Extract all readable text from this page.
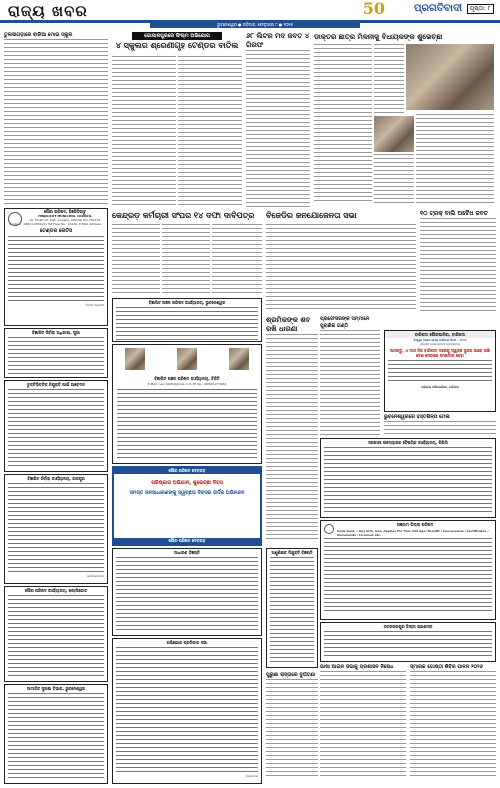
ରାଜ୍ୟ ଖବର	50	ପ୍ରଗତିବାଦୀ	ପୃଷ୍ଠା: ୮
ଭୁବନେଶ୍ୱର ● ରବିବାର, ଫେବୃଆରୀ ୮ ● ୨୦୨୬
ତୁଲସୀଗଡ଼ାରେ ବାରିଆ ମୋଇ ସ୍କୁଲ	ଗୋପାଳପୁରରେ ଫିଲ୍ମ ଅଭିଯୋଗ
୪ ସ୍କୁଲର ଶ୍ରେଣୀଗୃହ ଟେଣ୍ଡର ବାତିଲ
୬୮ ଲିଟର ମଦ ଜବତ ୪ ଗିରଫ
ଡାକ୍ତର ଛାତ୍ର ମିଳନୀକୁ ବିଧାୟକଙ୍କ ଶୁଭେଚ୍ଛା
ପୌର ପରିଷଦ, ହିଞ୍ଜିଳିକାଟୁ
HINJILICUT MUNICIPAL COUNCIL
At: Hinjilicut, Dist: Ganjam, Odisha, Pin-761102
Contact : 06811-255020, Toll Free No.: 14420, E-Mail Address :
ଟେଣ୍ଡର ନୋଟିସ
ନିର୍ବାହୀ ଅଧିକାରୀ
ବିଜ୍ଞାପିତ ନିର୍ବାହୀ ଅଧିକାରୀ, ପୁରୀ
କେନ୍ଦ୍ରଡ଼ କର୍ମଚାରୀ ସଂଘର ୧୪ ଦଫା ଦାବିପତ୍ର
ବିଜ୍ଞାପିତ ଅଞ୍ଚଳ ପରିଷଦ କାର୍ଯ୍ୟାଳୟ, ଭୁବନେଶ୍ୱର
ବିଜ୍ଞାପିତ ଅଞ୍ଚଳ ପରିଷଦ କାର୍ଯ୍ୟାଳୟ, ଚିକିଟି
E-Mail: nacchikiti@gmail.com Ph No.: 06822-273464
ପୌର ପରିଷଦ ଦେବଗଡ଼
ପରିଷ୍କାର ଅଭିଯାନ, ଶୁଭେଚ୍ଛା ଦିବସ
ସମସ୍ତ ଜନସାଧାରଣଙ୍କୁ ସ୍ୱଚ୍ଛତା ଦିବସର ହାର୍ଦ୍ଦିକ ଅଭିନନ୍ଦନ
ପୌର ପରିଷଦ ଦେବଗଡ଼
ଚୁକ୍ତିଭିତ୍ତିକ ନିଯୁକ୍ତି ପାଇଁ ଆବେଦନ
ବିଜ୍ଞାପିତ ନିର୍ବାହୀ କାର୍ଯ୍ୟାଳୟ, ଜାଜପୁର
ଉପଜିଲ୍ଲାପାଳ
ପୌର ପରିଷଦ କାର୍ଯ୍ୟାଳୟ, ଖଲ୍ଲିକୋଟ
ସାମାଜିକ ସୁରକ୍ଷା ବିଭାଗ, ଭୁବନେଶ୍ୱର
ସାଧାରଣ ବିଜ୍ଞପ୍ତି
ଅଭିଯୋଗ ପ୍ରତିକାର ସଭା
ଜିଲ୍ଲାପାଳ
ବିଜେଡିର ଜନଯୋଜେନତା ସଭା	୧୦ ଟ୍ରକ୍ ବାଲି ଅବୈଧ ଜବତ
ଶ୍ରମିକଙ୍କ ଶବ ରଖି ଧାରଣା
ପ୍ରଫେସରଙ୍କ ସମ୍ମାନେ ପୁରାଣିକ ଗଣ୍ଠି
ବାରିପଦା ପୌରପାଳିକା, ବାରିପଦା
ବିଶ୍ୱର ପାଳନ ସମୟ ବାରିପଦା ଦିବସ - ୨୦୨୬
ଓଡ଼ିଶାର ଦେଶପ୍ରେମୀ ପ୍ରତିଷ୍ଠାତା
ଆସନ୍ତୁ, ଏ ମାସ ନିଜ ବାରିପଦା ସହରକୁ ସ୍ୱଚ୍ଛ ସୁନ୍ଦର ଭାବେ ରଖି ଦେଶ ସେବାରେ ଅଂଶୀଦାର ହେବା
ବାରିପଦା ପୌରପାଳିକା, ବାରିପଦା
ସରକାରୀ ଉଦ୍ୟୋଗର ବୈଷୟିକ କାର୍ଯ୍ୟାଳୟ, ପିପିଲି
ଗଞ୍ଜାମ ଜିଲ୍ଲା ପରିଷଦ
Gods Govt. / Any Info, Gov. Applies For Your Old Age/ Benefit / Concessions / Certificates / Documents / Licenses etc.
ଅଣୁଶିକ୍ଷକ ନିଯୁକ୍ତି ବିଜ୍ଞପ୍ତି
ପୁରୁଣା ରାସ୍ତାରେ ଦୁର୍ଘଟଣା
ନବରଙ୍ଗପୁର ଜିଲ୍ଲା ପ୍ରଶାସନ
ଭାଷା ଆଇନ ସଭାକୁ ପ୍ରଶାସନ ନିଷେଧ	ସ୍ମାରକ ଗୋଷ୍ଠୀ ଶିବିର ପାଳନ ୨୦୨୬
ଭୁବନେଶ୍ୱରରେ ହସ୍ତଶିଳ୍ପ ମେଳା
